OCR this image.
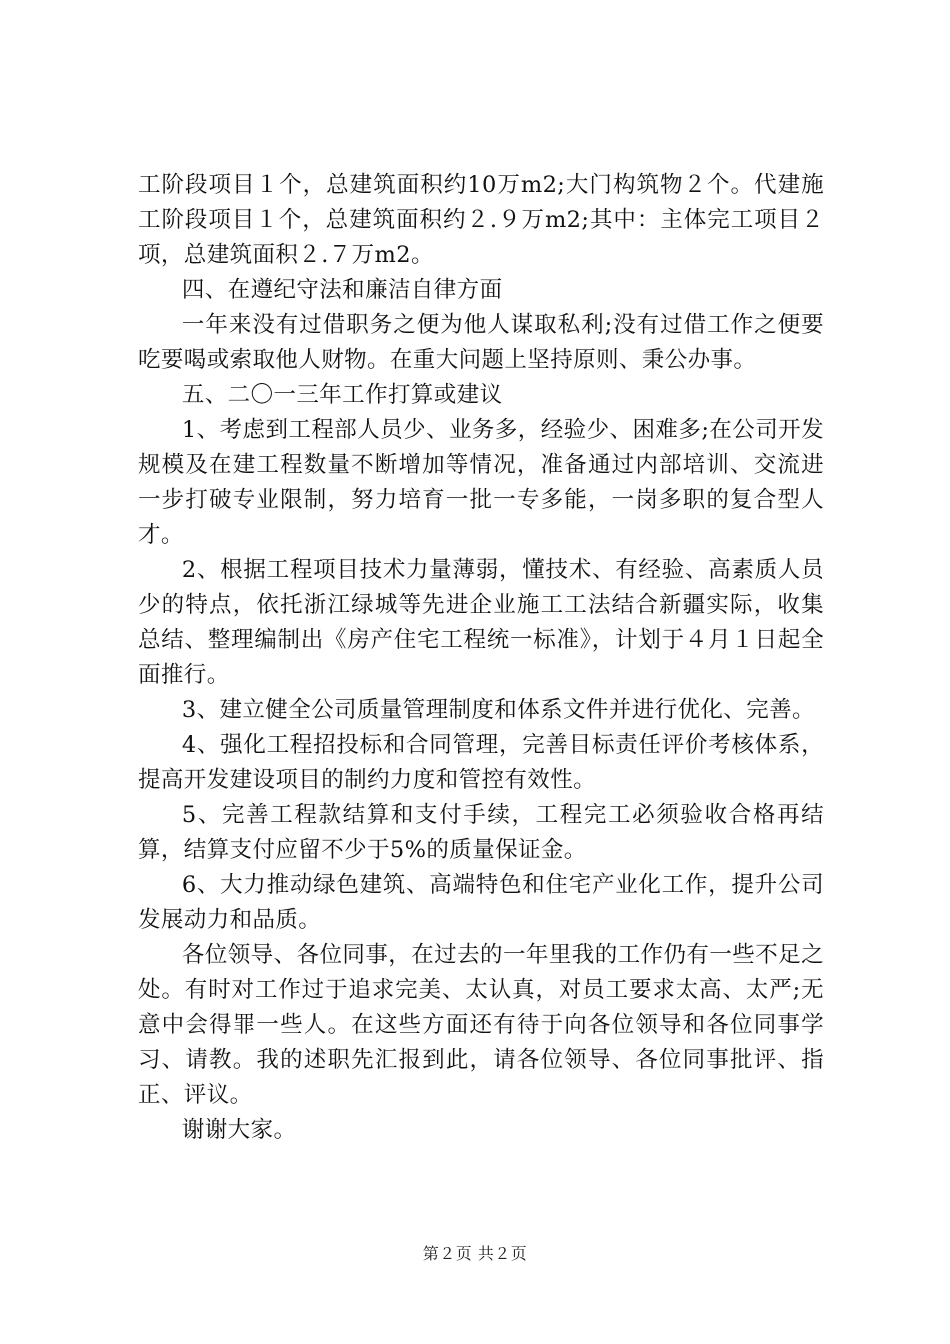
工阶段项目１个，总建筑面积约10万m2;大门构筑物２个。代建施工阶段项目１个，总建筑面积约２.９万m2;其中：主体完工项目２项，总建筑面积２.７万m2。

四、在遵纪守法和廉洁自律方面

一年来没有过借职务之便为他人谋取私利;没有过借工作之便要吃要喝或索取他人财物。在重大问题上坚持原则、秉公办事。

五、二〇一三年工作打算或建议

1、考虑到工程部人员少、业务多，经验少、困难多;在公司开发规模及在建工程数量不断增加等情况，准备通过内部培训、交流进一步打破专业限制，努力培育一批一专多能，一岗多职的复合型人才。

2、根据工程项目技术力量薄弱，懂技术、有经验、高素质人员少的特点，依托浙江绿城等先进企业施工工法结合新疆实际，收集总结、整理编制出《房产住宅工程统一标准》，计划于４月１日起全面推行。

3、建立健全公司质量管理制度和体系文件并进行优化、完善。

4、强化工程招投标和合同管理，完善目标责任评价考核体系，提高开发建设项目的制约力度和管控有效性。

5、完善工程款结算和支付手续，工程完工必须验收合格再结算，结算支付应留不少于5%的质量保证金。

6、大力推动绿色建筑、高端特色和住宅产业化工作，提升公司发展动力和品质。

各位领导、各位同事，在过去的一年里我的工作仍有一些不足之处。有时对工作过于追求完美、太认真，对员工要求太高、太严;无意中会得罪一些人。在这些方面还有待于向各位领导和各位同事学习、请教。我的述职先汇报到此，请各位领导、各位同事批评、指正、评议。

谢谢大家。

第２页 共２页
